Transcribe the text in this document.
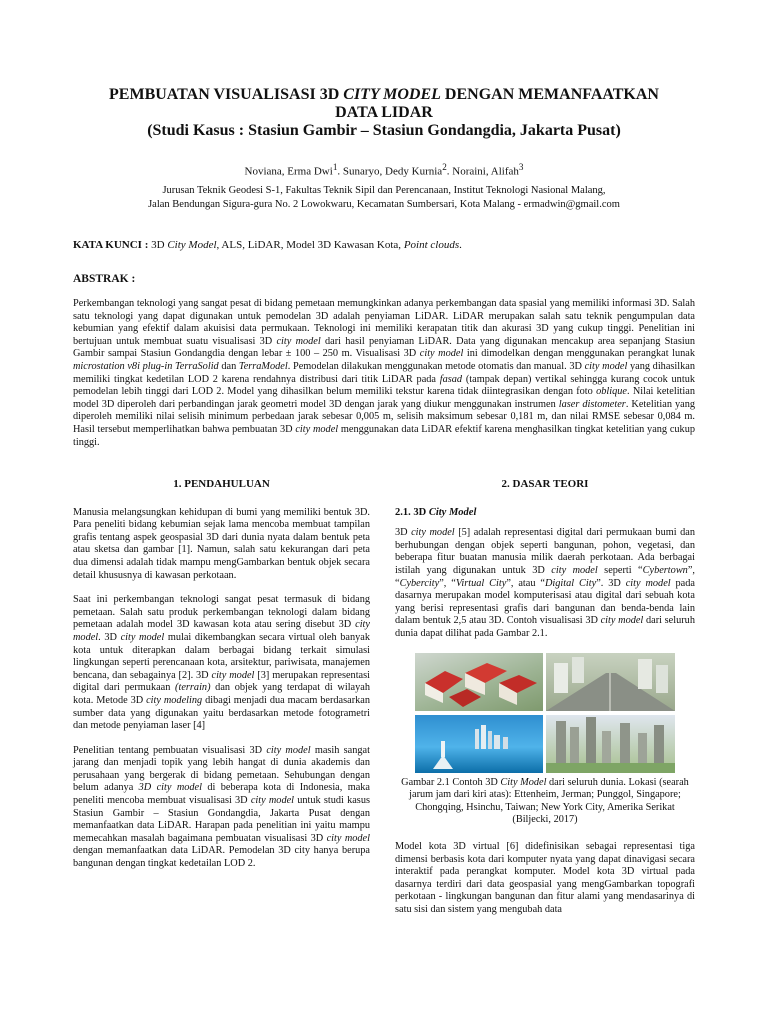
PEMBUATAN VISUALISASI 3D CITY MODEL DENGAN MEMANFAATKAN
DATA LIDAR
(Studi Kasus : Stasiun Gambir – Stasiun Gondangdia, Jakarta Pusat)
Noviana, Erma Dwi$^1$. Sunaryo, Dedy Kurnia$^2$. Noraini, Alifah$^3$
Jurusan Teknik Geodesi S-1, Fakultas Teknik Sipil dan Perencanaan, Institut Teknologi Nasional Malang,
Jalan Bendungan Sigura-gura No. 2 Lowokwaru, Kecamatan Sumbersari, Kota Malang - ermadwin@gmail.com
KATA KUNCI : 3D City Model, ALS, LiDAR, Model 3D Kawasan Kota, Point clouds.
ABSTRAK :
Perkembangan teknologi yang sangat pesat di bidang pemetaan memungkinkan adanya perkembangan data spasial yang memiliki informasi 3D. Salah satu teknologi yang dapat digunakan untuk pemodelan 3D adalah penyiaman LiDAR. LiDAR merupakan salah satu teknik pengumpulan data kebumian yang efektif dalam akuisisi data permukaan. Teknologi ini memiliki kerapatan titik dan akurasi 3D yang cukup tinggi. Penelitian ini bertujuan untuk membuat suatu visualisasi 3D city model dari hasil penyiaman LiDAR. Data yang digunakan mencakup area sepanjang Stasiun Gambir sampai Stasiun Gondangdia dengan lebar ± 100 – 250 m. Visualisasi 3D city model ini dimodelkan dengan menggunakan perangkat lunak microstation v8i plug-in TerraSolid dan TerraModel. Pemodelan dilakukan menggunakan metode otomatis dan manual. 3D city model yang dihasilkan memiliki tingkat kedetilan LOD 2 karena rendahnya distribusi dari titik LiDAR pada fasad (tampak depan) vertikal sehingga kurang cocok untuk pemodelan lebih tinggi dari LOD 2. Model yang dihasilkan belum memiliki tekstur karena tidak diintegrasikan dengan foto oblique. Nilai ketelitian model 3D diperoleh dari perbandingan jarak geometri model 3D dengan jarak yang diukur menggunakan instrumen laser distometer. Ketelitian yang diperoleh memiliki nilai selisih minimum perbedaan jarak sebesar 0,005 m, selisih maksimum sebesar 0,181 m, dan nilai RMSE sebesar 0,084 m. Hasil tersebut memperlihatkan bahwa pembuatan 3D city model menggunakan data LiDAR efektif karena menghasilkan tingkat ketelitian yang cukup tinggi.
1. PENDAHULUAN

Manusia melangsungkan kehidupan di bumi yang memiliki bentuk 3D. Para peneliti bidang kebumian sejak lama mencoba membuat tampilan grafis tentang aspek geospasial 3D dari dunia nyata dalam bentuk peta atau sketsa dan gambar [1]. Namun, salah satu kekurangan dari peta dua dimensi adalah tidak mampu mengGambarkan bentuk objek secara detail khususnya di kawasan perkotaan.

Saat ini perkembangan teknologi sangat pesat termasuk di bidang pemetaan. Salah satu produk perkembangan teknologi dalam bidang pemetaan adalah model 3D kawasan kota atau sering disebut 3D city model. 3D city model mulai dikembangkan secara virtual oleh banyak kota untuk diterapkan dalam berbagai bidang terkait simulasi lingkungan seperti perencanaan kota, arsitektur, pariwisata, manajemen bencana, dan sebagainya [2]. 3D city model [3] merupakan representasi digital dari permukaan (terrain) dan objek yang terdapat di wilayah kota. Metode 3D city modeling dibagi menjadi dua macam berdasarkan sumber data yang digunakan yaitu berdasarkan metode fotogrametri dan metode penyiaman laser [4]

Penelitian tentang pembuatan visualisasi 3D city model masih sangat jarang dan menjadi topik yang lebih hangat di dunia akademis dan perusahaan yang bergerak di bidang pemetaan. Sehubungan dengan belum adanya 3D city model di beberapa kota di Indonesia, maka peneliti mencoba membuat visualisasi 3D city model untuk studi kasus Stasiun Gambir – Stasiun Gondangdia, Jakarta Pusat dengan memanfaatkan data LiDAR. Harapan pada penelitian ini yaitu mampu memecahkan masalah bagaimana pembuatan visualisasi 3D city model dengan memanfaatkan data LiDAR. Pemodelan 3D city hanya berupa bangunan dengan tingkat kedetailan LOD 2.

2. DASAR TEORI
2.1. 3D City Model

3D city model [5] adalah representasi digital dari permukaan bumi dan berhubungan dengan objek seperti bangunan, pohon, vegetasi, dan beberapa fitur buatan manusia milik daerah perkotaan. Ada berbagai istilah yang digunakan untuk 3D city model seperti “Cybertown”, “Cybercity”, “Virtual City”, atau “Digital City”. 3D city model pada dasarnya merupakan model komputerisasi atau digital dari sebuah kota yang berisi representasi grafis dari bangunan dan benda-benda lain dalam bentuk 2,5 atau 3D. Contoh visualisasi 3D city model dari seluruh dunia dapat dilihat pada Gambar 2.1.

Gambar 2.1 Contoh 3D City Model dari seluruh dunia. Lokasi (searah jarum jam dari kiri atas): Ettenheim, Jerman; Punggol, Singapore; Chongqing, Hsinchu, Taiwan; New York City, Amerika Serikat (Biljecki, 2017)

Model kota 3D virtual [6] didefinisikan sebagai representasi tiga dimensi berbasis kota dari komputer nyata yang dapat dinavigasi secara interaktif pada perangkat komputer. Model kota 3D virtual pada dasarnya terdiri dari data geospasial yang mengGambarkan topografi perkotaan - lingkungan bangunan dan fitur alami yang mendasarinya di satu sisi dan sistem yang mengubah data
